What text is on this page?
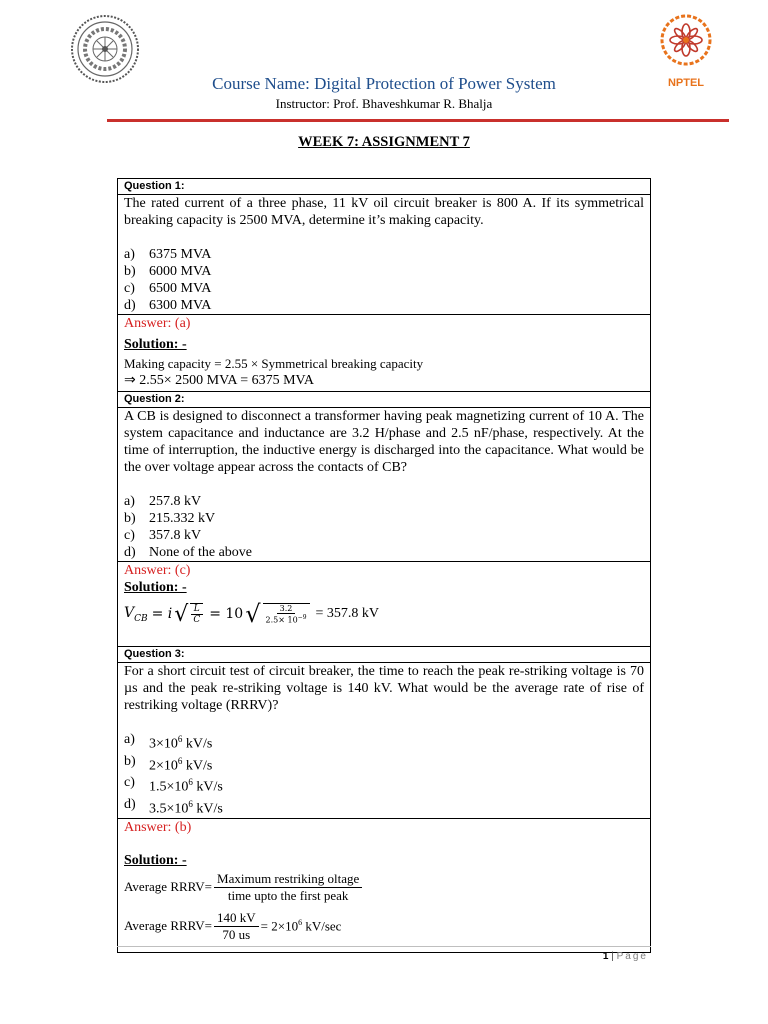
NPTEL
Course Name: Digital Protection of Power System
Instructor: Prof. Bhaveshkumar R. Bhalja
WEEK 7: ASSIGNMENT 7
Question 1:

The rated current of a three phase, 11 kV oil circuit breaker is 800 A. If its symmetrical breaking capacity is 2500 MVA, determine it’s making capacity.
a)	6375 MVA
b) 6000 MVA
c)	6500 MVA
d) 6300 MVA

Answer: (a)
Solution: -
Making capacity = 2.55 × Symmetrical breaking capacity
⇒ 2.55× 2500 MVA = 6375 MVA

Question 2:

A CB is designed to disconnect a transformer having peak magnetizing current of 10 A. The system capacitance and inductance are 3.2 H/phase and 2.5 nF/phase, respectively. At the time of interruption, the inductive energy is discharged into the capacitance. What would be the over voltage appear across the contacts of CB?
a)	257.8 kV
b) 215.332 kV
c)	357.8 kV
d) None of the above

Answer: (c)
Solution: -
$V_{CB} = i$ √ $\frac{L}{C} = 10$ √ $\frac{3.2}{2.5\times 10^{-9}} = 357.8$ kV

Question 3:

For a short circuit test of circuit breaker, the time to reach the peak re-striking voltage is 70 µs and the peak re-striking voltage is 140 kV. What would be the average rate of rise of restriking voltage (RRRV)?
a)	$3\times 10^6$ kV/s
b) $2\times 10^6$ kV/s
c)	$1.5\times 10^6$ kV/s
d) $3.5\times 10^6$ kV/s

Answer: (b)
Solution: -
Average RRRV= $\frac{\text{Maximum restriking oltage}}{\text{time upto the first peak}}$
Average RRRV= $\frac{140 kV}{70 us} = 2\times 10^6$ kV/sec
1 | Page
